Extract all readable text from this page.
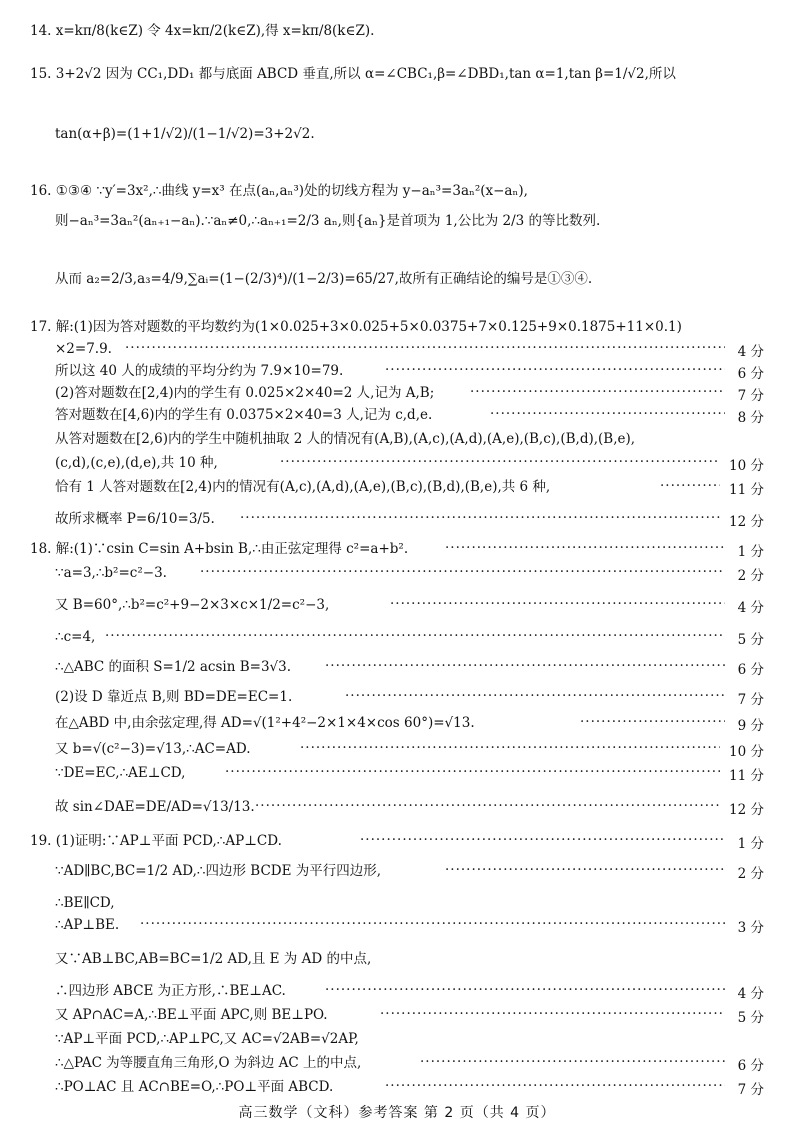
14. x=kπ/8(k∈Z) 令 4x=kπ/2(k∈Z),得 x=kπ/8(k∈Z).
15. 3+2√2 因为 CC₁,DD₁ 都与底面 ABCD 垂直,所以 α=∠CBC₁,β=∠DBD₁,tan α=1,tan β=1/√2,所以
tan(α+β)=(1+1/√2)/(1−1/√2)=3+2√2.
16. ①③④ ∵y′=3x²,∴曲线 y=x³ 在点(aₙ,aₙ³)处的切线方程为 y−aₙ³=3aₙ²(x−aₙ),
则−aₙ³=3aₙ²(aₙ₊₁−aₙ).∵aₙ≠0,∴aₙ₊₁=2/3 aₙ,则{aₙ}是首项为 1,公比为 2/3 的等比数列.
从而 a₂=2/3,a₃=4/9,∑aᵢ=(1−(2/3)⁴)/(1−2/3)=65/27,故所有正确结论的编号是①③④.
17. 解:(1)因为答对题数的平均数约为(1×0.025+3×0.025+5×0.0375+7×0.125+9×0.1875+11×0.1)
×2=7.9. ·····	4 分
所以这 40 人的成绩的平均分约为 7.9×10=79. ·····	6 分
(2)答对题数在[2,4)内的学生有 0.025×2×40=2 人,记为 A,B; ·····	7 分
答对题数在[4,6)内的学生有 0.0375×2×40=3 人,记为 c,d,e. ·····	8 分
从答对题数在[2,6)内的学生中随机抽取 2 人的情况有(A,B),(A,c),(A,d),(A,e),(B,c),(B,d),(B,e),
(c,d),(c,e),(d,e),共 10 种, ·····	10 分
恰有 1 人答对题数在[2,4)内的情况有(A,c),(A,d),(A,e),(B,c),(B,d),(B,e),共 6 种, ·····	11 分
故所求概率 P=6/10=3/5. ·····	12 分
18. 解:(1)∵csin C=sin A+bsin B,∴由正弦定理得 c²=a+b². ·····	1 分
∵a=3,∴b²=c²−3. ·····	2 分
又 B=60°,∴b²=c²+9−2×3×c×1/2=c²−3, ·····	4 分
∴c=4, ·····	5 分
∴△ABC 的面积 S=1/2 acsin B=3√3. ·····	6 分
(2)设 D 靠近点 B,则 BD=DE=EC=1. ·····	7 分
在△ABD 中,由余弦定理,得 AD=√(1²+4²−2×1×4×cos 60°)=√13. ·····	9 分
又 b=√(c²−3)=√13,∴AC=AD. ·····	10 分
∵DE=EC,∴AE⊥CD, ·····	11 分
故 sin∠DAE=DE/AD=√13/13. ·····	12 分
19. (1)证明:∵AP⊥平面 PCD,∴AP⊥CD. ·····	1 分
∵AD∥BC,BC=1/2 AD,∴四边形 BCDE 为平行四边形, ·····	2 分
∴BE∥CD,
∴AP⊥BE. ·····	3 分
又∵AB⊥BC,AB=BC=1/2 AD,且 E 为 AD 的中点,
∴四边形 ABCE 为正方形,∴BE⊥AC. ·····	4 分
又 AP∩AC=A,∴BE⊥平面 APC,则 BE⊥PO. ·····	5 分
∵AP⊥平面 PCD,∴AP⊥PC,又 AC=√2AB=√2AP,
∴△PAC 为等腰直角三角形,O 为斜边 AC 上的中点, ·····	6 分
∴PO⊥AC 且 AC∩BE=O,∴PO⊥平面 ABCD. ·····	7 分
高三数学（文科）参考答案 第 2 页（共 4 页）
